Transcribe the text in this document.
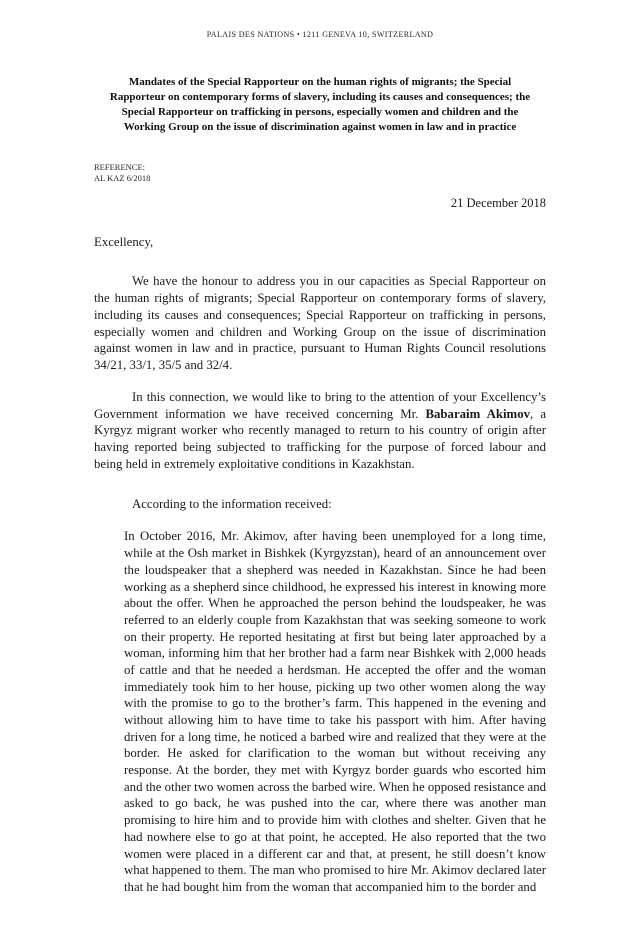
PALAIS DES NATIONS • 1211 GENEVA 10, SWITZERLAND
Mandates of the Special Rapporteur on the human rights of migrants; the Special Rapporteur on contemporary forms of slavery, including its causes and consequences; the Special Rapporteur on trafficking in persons, especially women and children and the Working Group on the issue of discrimination against women in law and in practice
REFERENCE:
AL KAZ 6/2018
21 December 2018
Excellency,

We have the honour to address you in our capacities as Special Rapporteur on the human rights of migrants; Special Rapporteur on contemporary forms of slavery, including its causes and consequences; Special Rapporteur on trafficking in persons, especially women and children and Working Group on the issue of discrimination against women in law and in practice, pursuant to Human Rights Council resolutions 34/21, 33/1, 35/5 and 32/4.

In this connection, we would like to bring to the attention of your Excellency’s Government information we have received concerning Mr. Babaraim Akimov, a Kyrgyz migrant worker who recently managed to return to his country of origin after having reported being subjected to trafficking for the purpose of forced labour and being held in extremely exploitative conditions in Kazakhstan.

According to the information received:

In October 2016, Mr. Akimov, after having been unemployed for a long time, while at the Osh market in Bishkek (Kyrgyzstan), heard of an announcement over the loudspeaker that a shepherd was needed in Kazakhstan. Since he had been working as a shepherd since childhood, he expressed his interest in knowing more about the offer. When he approached the person behind the loudspeaker, he was referred to an elderly couple from Kazakhstan that was seeking someone to work on their property. He reported hesitating at first but being later approached by a woman, informing him that her brother had a farm near Bishkek with 2,000 heads of cattle and that he needed a herdsman. He accepted the offer and the woman immediately took him to her house, picking up two other women along the way with the promise to go to the brother’s farm. This happened in the evening and without allowing him to have time to take his passport with him. After having driven for a long time, he noticed a barbed wire and realized that they were at the border. He asked for clarification to the woman but without receiving any response. At the border, they met with Kyrgyz border guards who escorted him and the other two women across the barbed wire. When he opposed resistance and asked to go back, he was pushed into the car, where there was another man promising to hire him and to provide him with clothes and shelter. Given that he had nowhere else to go at that point, he accepted. He also reported that the two women were placed in a different car and that, at present, he still doesn’t know what happened to them. The man who promised to hire Mr. Akimov declared later that he had bought him from the woman that accompanied him to the border and
